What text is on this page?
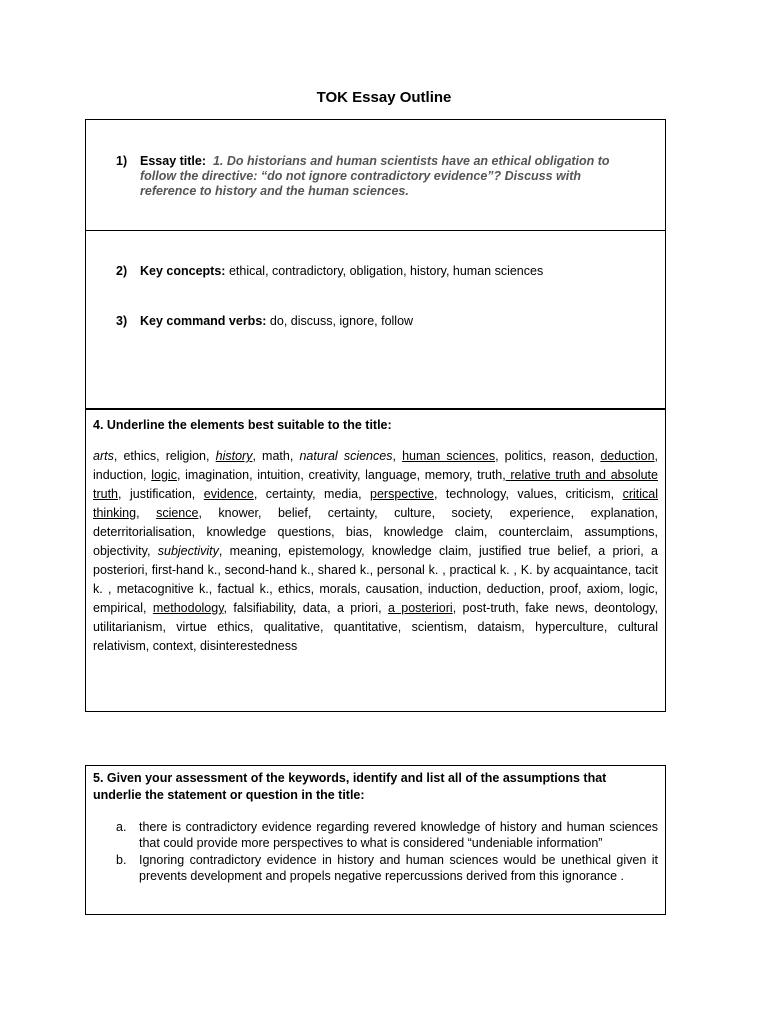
TOK Essay Outline
1) Essay title: 1. Do historians and human scientists have an ethical obligation to follow the directive: “do not ignore contradictory evidence”? Discuss with reference to history and the human sciences.
2) Key concepts: ethical, contradictory, obligation, history, human sciences
3) Key command verbs: do, discuss, ignore, follow
4. Underline the elements best suitable to the title:
arts, ethics, religion, history, math, natural sciences, human sciences, politics, reason, deduction, induction, logic, imagination, intuition, creativity, language, memory, truth, relative truth and absolute truth, justification, evidence, certainty, media, perspective, technology, values, criticism, critical thinking, science, knower, belief, certainty, culture, society, experience, explanation, deterritorialisation, knowledge questions, bias, knowledge claim, counterclaim, assumptions, objectivity, subjectivity, meaning, epistemology, knowledge claim, justified true belief, a priori, a posteriori, first-hand k., second-hand k., shared k., personal k. , practical k. , K. by acquaintance, tacit k. , metacognitive k., factual k., ethics, morals, causation, induction, deduction, proof, axiom, logic, empirical, methodology, falsifiability, data, a priori, a posteriori, post-truth, fake news, deontology, utilitarianism, virtue ethics, qualitative, quantitative, scientism, dataism, hyperculture, cultural relativism, context, disinterestedness
5. Given your assessment of the keywords, identify and list all of the assumptions that underlie the statement or question in the title:
a. there is contradictory evidence regarding revered knowledge of history and human sciences that could provide more perspectives to what is considered “undeniable information”
b. Ignoring contradictory evidence in history and human sciences would be unethical given it prevents development and propels negative repercussions derived from this ignorance .
